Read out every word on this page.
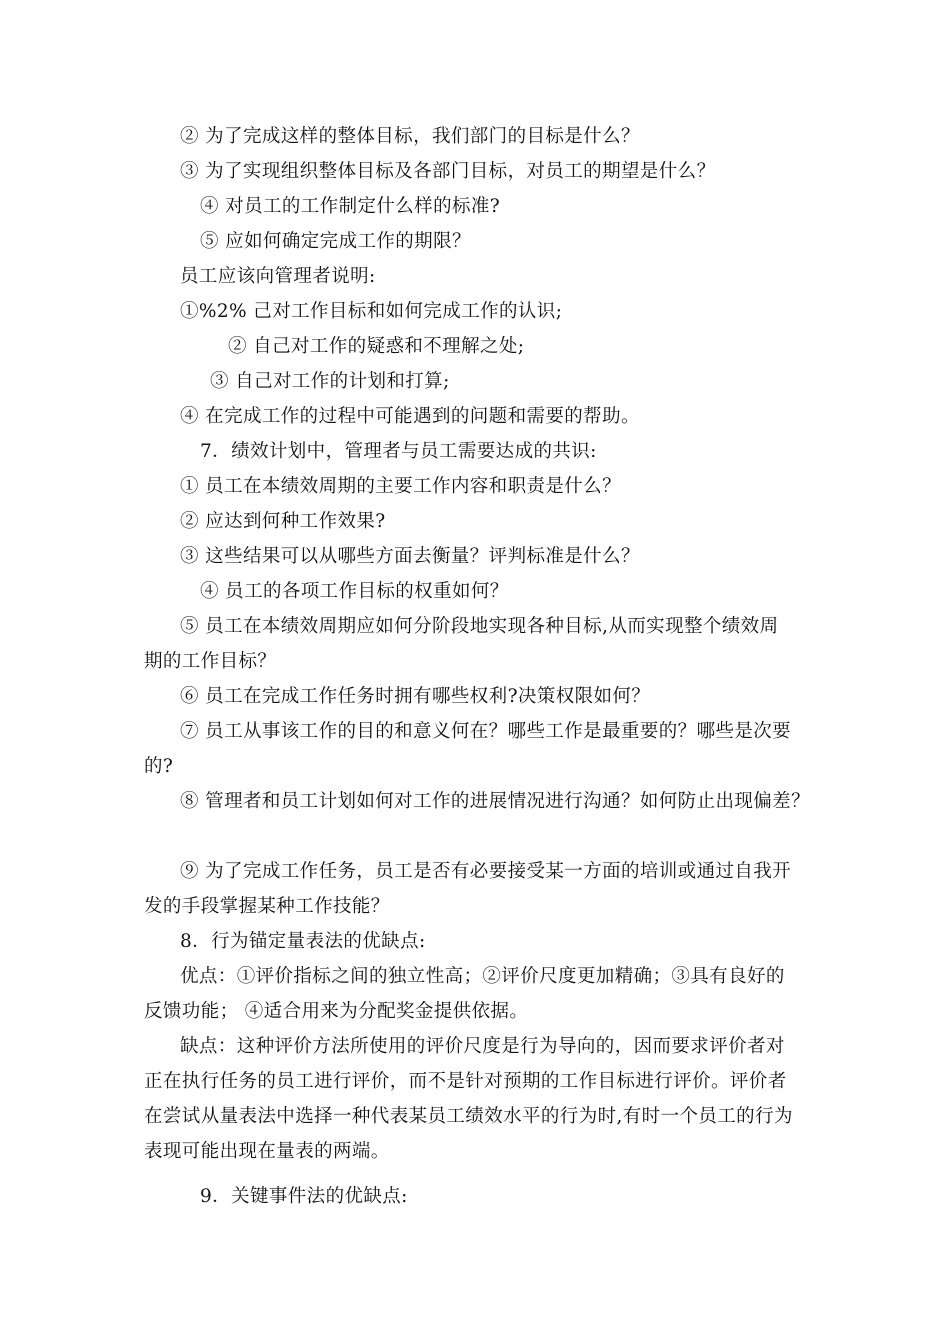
② 为了完成这样的整体目标，我们部门的目标是什么？
③ 为了实现组织整体目标及各部门目标，对员工的期望是什么？
④ 对员工的工作制定什么样的标准?
⑤ 应如何确定完成工作的期限？
员工应该向管理者说明:
①%2% 己对工作目标和如何完成工作的认识;
② 自己对工作的疑惑和不理解之处;
③ 自己对工作的计划和打算;
④ 在完成工作的过程中可能遇到的问题和需要的帮助。
7．绩效计划中，管理者与员工需要达成的共识:
① 员工在本绩效周期的主要工作内容和职责是什么？
② 应达到何种工作效果?
③ 这些结果可以从哪些方面去衡量？评判标准是什么？
④ 员工的各项工作目标的权重如何？
⑤ 员工在本绩效周期应如何分阶段地实现各种目标,从而实现整个绩效周
期的工作目标？
⑥ 员工在完成工作任务时拥有哪些权利?决策权限如何？
⑦ 员工从事该工作的目的和意义何在？哪些工作是最重要的？哪些是次要
的?
⑧ 管理者和员工计划如何对工作的进展情况进行沟通？如何防止出现偏差？
⑨ 为了完成工作任务，员工是否有必要接受某一方面的培训或通过自我开
发的手段掌握某种工作技能？
8．行为锚定量表法的优缺点:
优点：①评价指标之间的独立性高；②评价尺度更加精确；③具有良好的
反馈功能； ④适合用来为分配奖金提供依据。
缺点：这种评价方法所使用的评价尺度是行为导向的，因而要求评价者对
正在执行任务的员工进行评价，而不是针对预期的工作目标进行评价。评价者
在尝试从量表法中选择一种代表某员工绩效水平的行为时,有时一个员工的行为
表现可能出现在量表的两端。
9．关键事件法的优缺点:
